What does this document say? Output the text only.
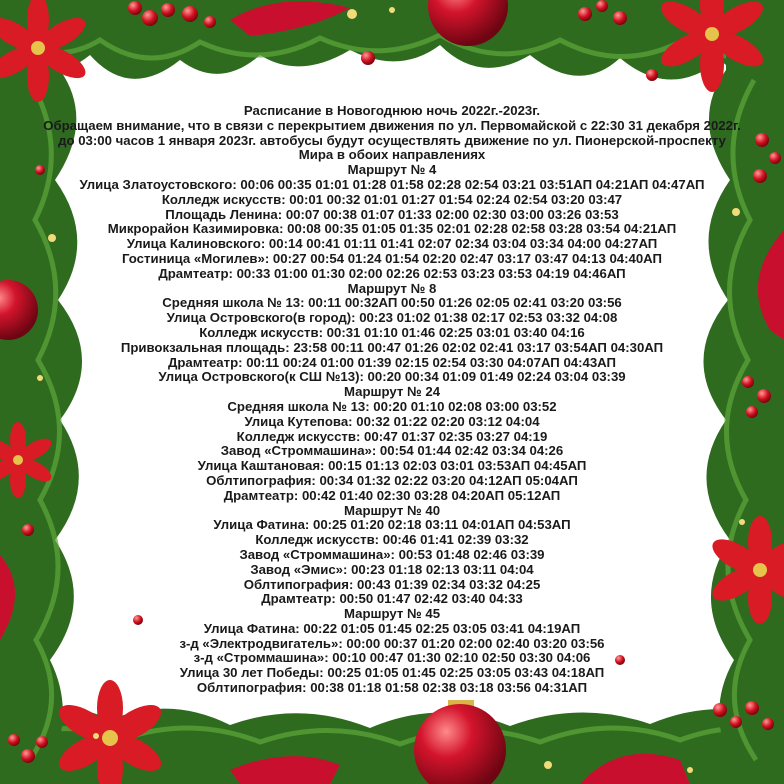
Расписание в Новогоднюю ночь 2022г.-2023г.
Обращаем внимание, что в связи с перекрытием движения по ул. Первомайской с 22:30 31 декабря 2022г. до 03:00 часов 1 января 2023г. автобусы будут осуществлять движение по ул. Пионерской-проспекту Мира в обоих направлениях
Маршрут № 4
Улица Златоустовского: 00:06 00:35 01:01 01:28 01:58 02:28 02:54 03:21 03:51АП 04:21АП 04:47АП
Колледж искусств: 00:01 00:32 01:01 01:27 01:54 02:24 02:54 03:20 03:47
Площадь Ленина: 00:07 00:38 01:07 01:33 02:00 02:30 03:00 03:26 03:53
Микрорайон Казимировка: 00:08 00:35 01:05 01:35 02:01 02:28 02:58 03:28 03:54 04:21АП
Улица Калиновского: 00:14 00:41 01:11 01:41 02:07 02:34 03:04 03:34 04:00 04:27АП
Гостиница «Могилев»: 00:27 00:54 01:24 01:54 02:20 02:47 03:17 03:47 04:13 04:40АП
Драмтеатр: 00:33 01:00 01:30 02:00 02:26 02:53 03:23 03:53 04:19 04:46АП
Маршрут № 8
Средняя школа № 13: 00:11 00:32АП 00:50 01:26 02:05 02:41 03:20 03:56
Улица Островского(в город): 00:23 01:02 01:38 02:17 02:53 03:32 04:08
Колледж искусств: 00:31 01:10 01:46 02:25 03:01 03:40 04:16
Привокзальная площадь: 23:58 00:11 00:47 01:26 02:02 02:41 03:17 03:54АП 04:30АП
Драмтеатр: 00:11 00:24 01:00 01:39 02:15 02:54 03:30 04:07АП 04:43АП
Улица Островского(к СШ №13): 00:20 00:34 01:09 01:49 02:24 03:04 03:39
Маршрут № 24
Средняя школа № 13: 00:20 01:10 02:08 03:00 03:52
Улица Кутепова: 00:32 01:22 02:20 03:12 04:04
Колледж искусств: 00:47 01:37 02:35 03:27 04:19
Завод «Строммашина»: 00:54 01:44 02:42 03:34 04:26
Улица Каштановая: 00:15 01:13 02:03 03:01 03:53АП 04:45АП
Облтипография: 00:34 01:32 02:22 03:20 04:12АП 05:04АП
Драмтеатр: 00:42 01:40 02:30 03:28 04:20АП 05:12АП
Маршрут № 40
Улица Фатина: 00:25 01:20 02:18 03:11 04:01АП 04:53АП
Колледж искусств: 00:46 01:41 02:39 03:32
Завод «Строммашина»: 00:53 01:48 02:46 03:39
Завод «Эмис»: 00:23 01:18 02:13 03:11 04:04
Облтипография: 00:43 01:39 02:34 03:32 04:25
Драмтеатр: 00:50 01:47 02:42 03:40 04:33
Маршрут № 45
Улица Фатина: 00:22 01:05 01:45 02:25 03:05 03:41 04:19АП
з-д «Электродвигатель»: 00:00 00:37 01:20 02:00 02:40 03:20 03:56
з-д «Строммашина»: 00:10 00:47 01:30 02:10 02:50 03:30 04:06
Улица 30 лет Победы: 00:25 01:05 01:45 02:25 03:05 03:43 04:18АП
Облтипография: 00:38 01:18 01:58 02:38 03:18 03:56 04:31АП
